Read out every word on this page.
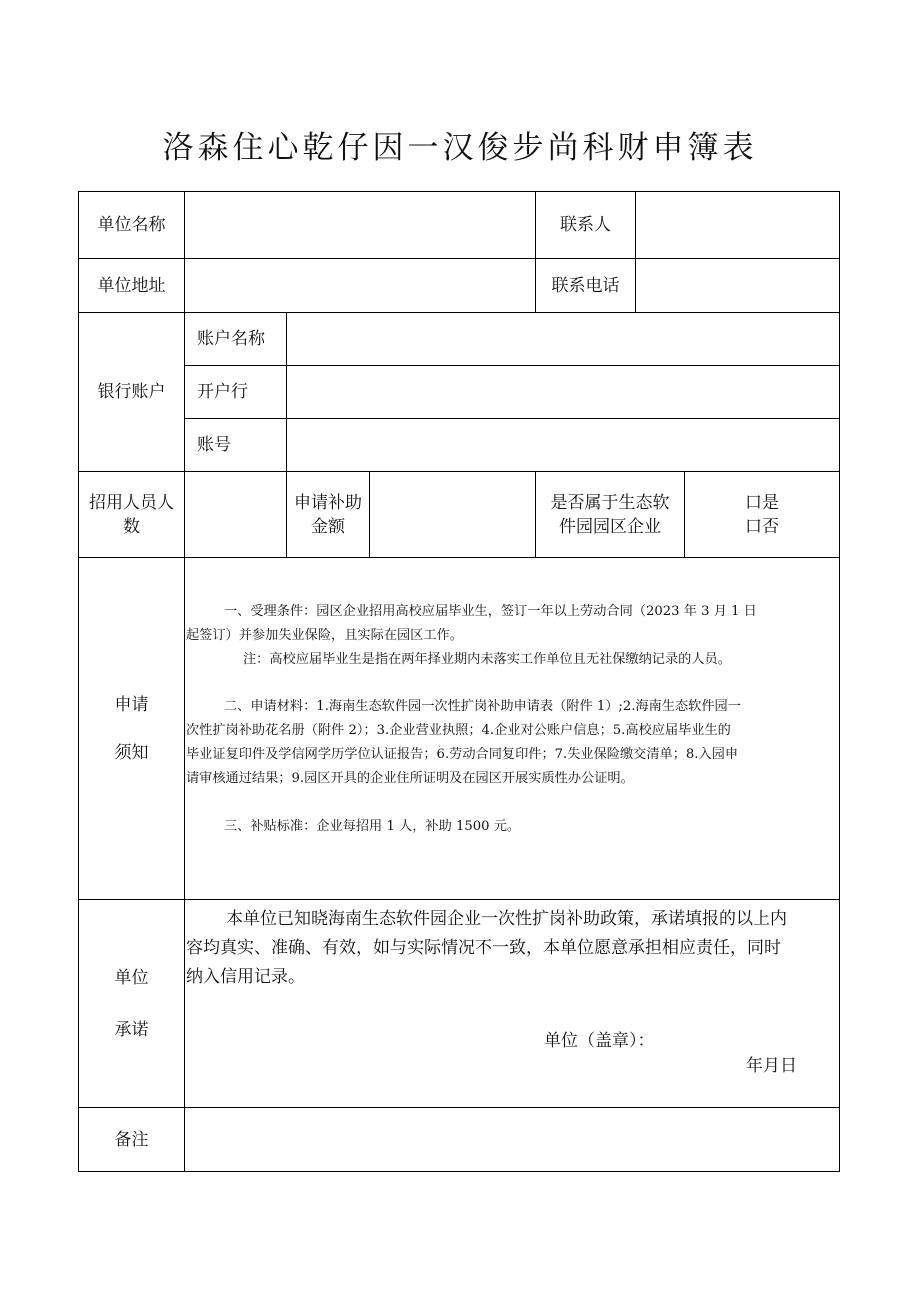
洛森住心乾仔因一汉俊步尚科财申簿表
单位名称	联系人
单位地址	联系电话
银行账户
账户名称
开户行
账号
招用人员人
数
申请补助
金额
是否属于生态软
件园园区企业
口是
口否
申请
须知
一、受理条件：园区企业招用高校应届毕业生，签订一年以上劳动合同（2023 年 3 月 1 日
起签订）并参加失业保险，且实际在园区工作。
注：高校应届毕业生是指在两年择业期内未落实工作单位且无社保缴纳记录的人员。
二、申请材料：1.海南生态软件园一次性扩岗补助申请表（附件 1）;2.海南生态软件园一
次性扩岗补助花名册（附件 2）；3.企业营业执照；4.企业对公账户信息；5.高校应届毕业生的
毕业证复印件及学信网学历学位认证报告；6.劳动合同复印件；7.失业保险缴交清单；8.入园申
请审核通过结果；9.园区开具的企业住所证明及在园区开展实质性办公证明。
三、补贴标准：企业每招用 1 人，补助 1500 元。
单位
承诺
本单位已知晓海南生态软件园企业一次性扩岗补助政策，承诺填报的以上内
容均真实、准确、有效，如与实际情况不一致，本单位愿意承担相应责任，同时
纳入信用记录。
单位（盖章）：
年月日
备注
